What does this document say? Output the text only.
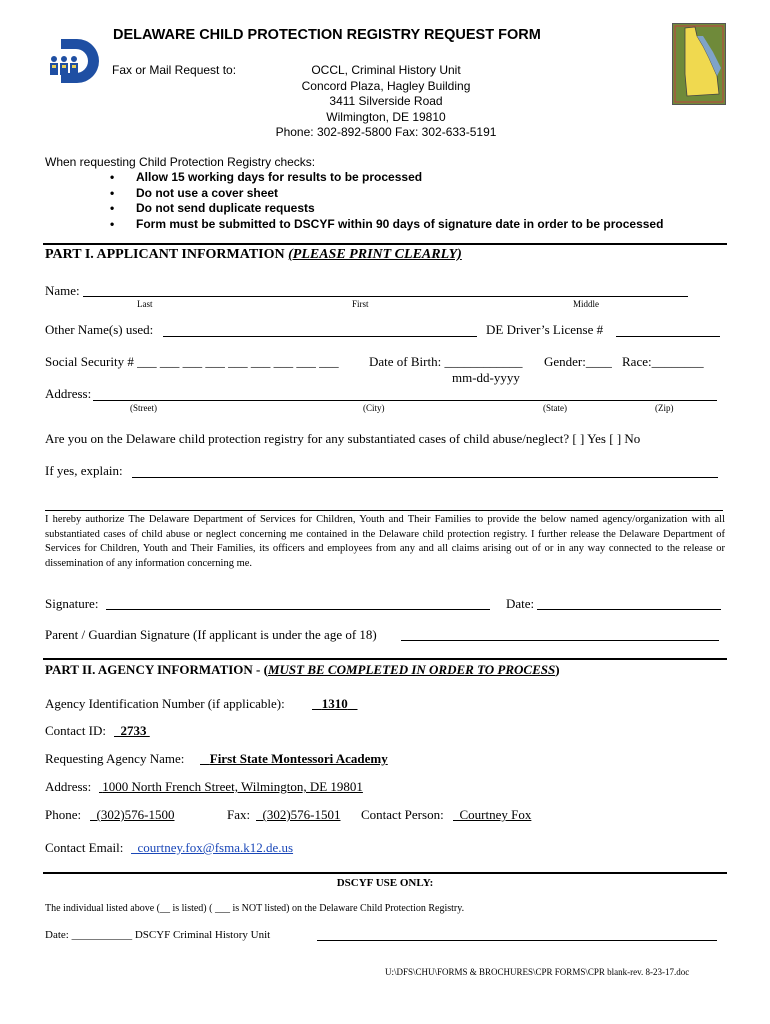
DELAWARE CHILD PROTECTION REGISTRY REQUEST FORM
Fax or Mail Request to:	OCCL, Criminal History Unit
Concord Plaza, Hagley Building
3411 Silverside Road
Wilmington, DE 19810
Phone: 302-892-5800 Fax: 302-633-5191
When requesting Child Protection Registry checks:
• Allow 15 working days for results to be processed
• Do not use a cover sheet
• Do not send duplicate requests
• Form must be submitted to DSCYF within 90 days of signature date in order to be processed
PART I. APPLICANT INFORMATION (PLEASE PRINT CLEARLY)
Name:
Last	First	Middle
Other Name(s) used:	DE Driver’s License #
Social Security # ___ ___ ___ ___ ___ ___ ___ ___ ___ Date of Birth: ____________ Gender:____ Race:________
mm-dd-yyyy
Address:
(Street)	(City)	(State)	(Zip)
Are you on the Delaware child protection registry for any substantiated cases of child abuse/neglect? [ ] Yes [ ] No
If yes, explain:
I hereby authorize The Delaware Department of Services for Children, Youth and Their Families to provide the below named agency/organization with all substantiated cases of child abuse or neglect concerning me contained in the Delaware child protection registry. I further release the Delaware Department of Services for Children, Youth and Their Families, its officers and employees from any and all claims arising out of or in any way connected to the release or dissemination of any information concerning me.
Signature:	Date:
Parent / Guardian Signature (If applicant is under the age of 18)
PART II. AGENCY INFORMATION - (MUST BE COMPLETED IN ORDER TO PROCESS)
Agency Identification Number (if applicable):	1310
Contact ID:	2733
Requesting Agency Name:	First State Montessori Academy
Address: 1000 North French Street, Wilmington, DE 19801
Phone:	(302)576-1500	Fax: (302)576-1501 Contact Person:	Courtney Fox
Contact Email:	courtney.fox@fsma.k12.de.us
DSCYF USE ONLY:
The individual listed above (__ is listed) ( ___ is NOT listed) on the Delaware Child Protection Registry.
Date: ___________ DSCYF Criminal History Unit
U:\DFS\CHU\FORMS & BROCHURES\CPR FORMS\CPR blank-rev. 8-23-17.doc
